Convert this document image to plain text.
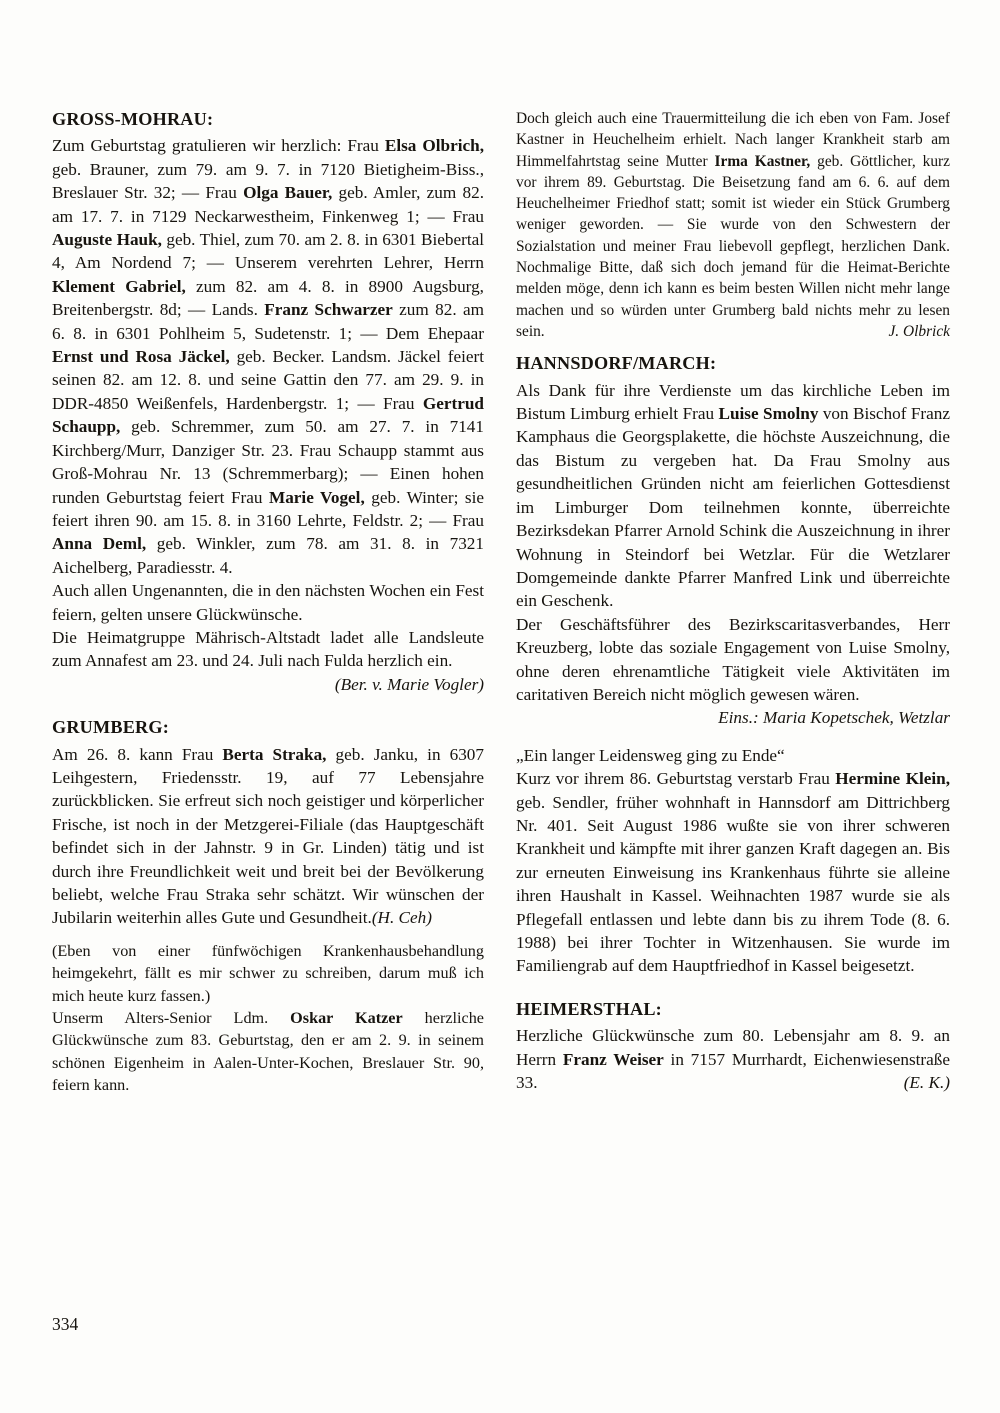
GROSS-MOHRAU:

Zum Geburtstag gratulieren wir herzlich: Frau Elsa Olbrich, geb. Brauner, zum 79. am 9. 7. in 7120 Bietigheim-Biss., Breslauer Str. 32; — Frau Olga Bauer, geb. Amler, zum 82. am 17. 7. in 7129 Neckarwestheim, Finkenweg 1; — Frau Auguste Hauk, geb. Thiel, zum 70. am 2. 8. in 6301 Biebertal 4, Am Nordend 7; — Unserem verehrten Lehrer, Herrn Klement Gabriel, zum 82. am 4. 8. in 8900 Augsburg, Breitenbergstr. 8d; — Lands. Franz Schwarzer zum 82. am 6. 8. in 6301 Pohlheim 5, Sudetenstr. 1; — Dem Ehepaar Ernst und Rosa Jäckel, geb. Becker. Landsm. Jäckel feiert seinen 82. am 12. 8. und seine Gattin den 77. am 29. 9. in DDR-4850 Weißenfels, Hardenbergstr. 1; — Frau Gertrud Schaupp, geb. Schremmer, zum 50. am 27. 7. in 7141 Kirchberg/Murr, Danziger Str. 23. Frau Schaupp stammt aus Groß-Mohrau Nr. 13 (Schremmerbarg); — Einen hohen runden Geburtstag feiert Frau Marie Vogel, geb. Winter; sie feiert ihren 90. am 15. 8. in 3160 Lehrte, Feldstr. 2; — Frau Anna Deml, geb. Winkler, zum 78. am 31. 8. in 7321 Aichelberg, Paradiesstr. 4.

Auch allen Ungenannten, die in den nächsten Wochen ein Fest feiern, gelten unsere Glückwünsche.

Die Heimatgruppe Mährisch-Altstadt ladet alle Landsleute zum Annafest am 23. und 24. Juli nach Fulda herzlich ein.

(Ber. v. Marie Vogler)

GRUMBERG:

Am 26. 8. kann Frau Berta Straka, geb. Janku, in 6307 Leihgestern, Friedensstr. 19, auf 77 Lebensjahre zurückblicken. Sie erfreut sich noch geistiger und körperlicher Frische, ist noch in der Metzgerei-Filiale (das Hauptgeschäft befindet sich in der Jahnstr. 9 in Gr. Linden) tätig und ist durch ihre Freundlichkeit weit und breit bei der Bevölkerung beliebt, welche Frau Straka sehr schätzt. Wir wünschen der Jubilarin weiterhin alles Gute und Gesundheit.(H. Ceh)

(Eben von einer fünfwöchigen Krankenhausbehandlung heimgekehrt, fällt es mir schwer zu schreiben, darum muß ich mich heute kurz fassen.)

Unserm Alters-Senior Ldm. Oskar Katzer herzliche Glückwünsche zum 83. Geburtstag, den er am 2. 9. in seinem schönen Eigenheim in Aalen-Unter-Kochen, Breslauer Str. 90, feiern kann.

Doch gleich auch eine Trauermitteilung die ich eben von Fam. Josef Kastner in Heuchelheim erhielt. Nach langer Krankheit starb am Himmelfahrtstag seine Mutter Irma Kastner, geb. Göttlicher, kurz vor ihrem 89. Geburtstag. Die Beisetzung fand am 6. 6. auf dem Heuchelheimer Friedhof statt; somit ist wieder ein Stück Grumberg weniger geworden. — Sie wurde von den Schwestern der Sozialstation und meiner Frau liebevoll gepflegt, herzlichen Dank. Nochmalige Bitte, daß sich doch jemand für die Heimat-Berichte melden möge, denn ich kann es beim besten Willen nicht mehr lange machen und so würden unter Grumberg bald nichts mehr zu lesen sein.	J. Olbrick

HANNSDORF/MARCH:

Als Dank für ihre Verdienste um das kirchliche Leben im Bistum Limburg erhielt Frau Luise Smolny von Bischof Franz Kamphaus die Georgsplakette, die höchste Auszeichnung, die das Bistum zu vergeben hat. Da Frau Smolny aus gesundheitlichen Gründen nicht am feierlichen Gottesdienst im Limburger Dom teilnehmen konnte, überreichte Bezirksdekan Pfarrer Arnold Schink die Auszeichnung in ihrer Wohnung in Steindorf bei Wetzlar. Für die Wetzlarer Domgemeinde dankte Pfarrer Manfred Link und überreichte ein Geschenk.

Der Geschäftsführer des Bezirkscaritasverbandes, Herr Kreuzberg, lobte das soziale Engagement von Luise Smolny, ohne deren ehrenamtliche Tätigkeit viele Aktivitäten im caritativen Bereich nicht möglich gewesen wären.

Eins.: Maria Kopetschek, Wetzlar

„Ein langer Leidensweg ging zu Ende“

Kurz vor ihrem 86. Geburtstag verstarb Frau Hermine Klein, geb. Sendler, früher wohnhaft in Hannsdorf am Dittrichberg Nr. 401. Seit August 1986 wußte sie von ihrer schweren Krankheit und kämpfte mit ihrer ganzen Kraft dagegen an. Bis zur erneuten Einweisung ins Krankenhaus führte sie alleine ihren Haushalt in Kassel. Weihnachten 1987 wurde sie als Pflegefall entlassen und lebte dann bis zu ihrem Tode (8. 6. 1988) bei ihrer Tochter in Witzenhausen. Sie wurde im Familiengrab auf dem Hauptfriedhof in Kassel beigesetzt.

HEIMERSTHAL:

Herzliche Glückwünsche zum 80. Lebensjahr am 8. 9. an Herrn Franz Weiser in 7157 Murrhardt, Eichenwiesenstraße 33.	(E. K.)

334
